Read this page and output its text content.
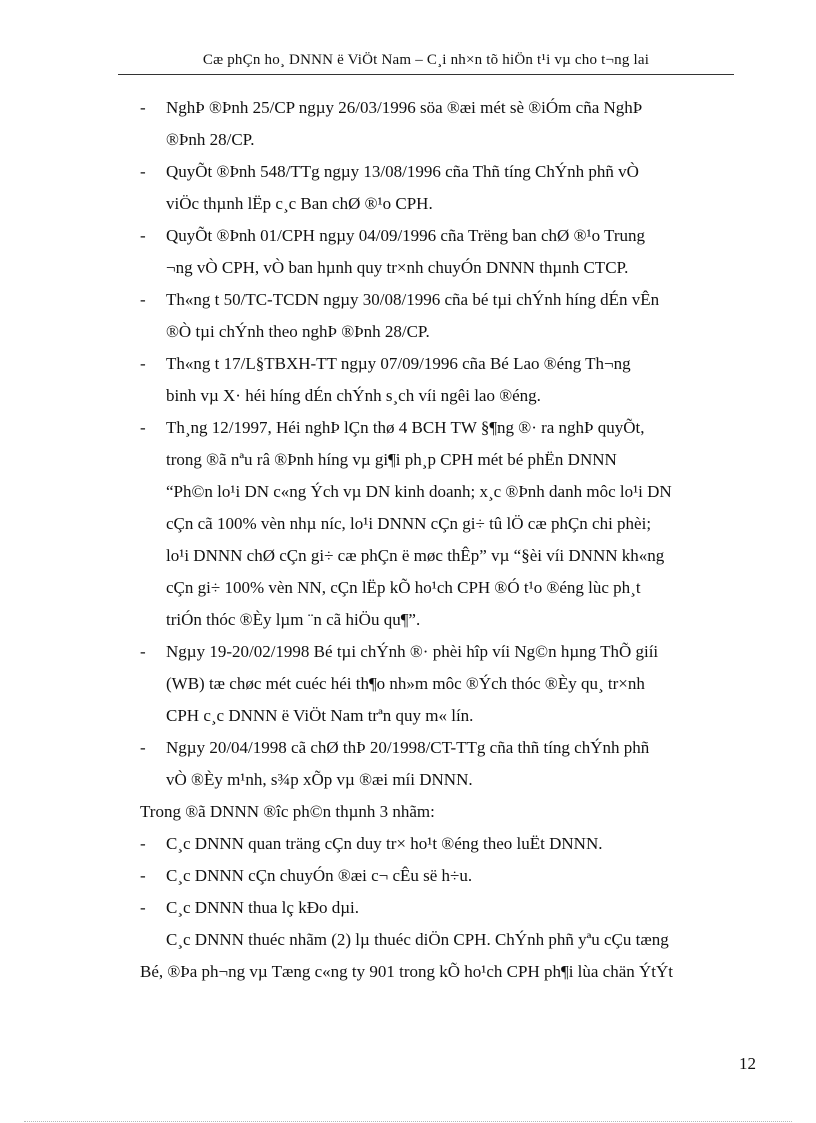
Cæ phÇn ho¸ DNNN ë ViÖt Nam – C¸i nh×n tõ hiÖn t¹i vµ cho t¬ng lai
- NghÞ ®Þnh 25/CP ngµy 26/03/1996 söa ®æi mét sè ®iÓm cña NghÞ
®Þnh 28/CP.
- QuyÕt ®Þnh 548/TTg ngµy 13/08/1996 cña Thñ tíng ChÝnh phñ vÒ
viÖc thµnh lËp c¸c Ban chØ ®¹o CPH.
- QuyÕt ®Þnh 01/CPH ngµy 04/09/1996 cña Trëng ban chØ ®¹o Trung
¬ng vÒ CPH, vÒ ban hµnh quy tr×nh chuyÓn DNNN thµnh CTCP.
- Th«ng t 50/TC-TCDN ngµy 30/08/1996 cña bé tµi chÝnh híng dÉn vÊn
®Ò tµi chÝnh theo nghÞ ®Þnh 28/CP.
- Th«ng t 17/L§TBXH-TT ngµy 07/09/1996 cña Bé Lao ®éng Th¬ng
binh vµ X· héi híng dÉn chÝnh s¸ch víi ngêi lao ®éng.
- Th¸ng 12/1997, Héi nghÞ lÇn thø 4 BCH TW §¶ng ®· ra nghÞ quyÕt,
trong ®ã nªu râ ®Þnh híng vµ gi¶i ph¸p CPH mét bé phËn DNNN
“Ph©n lo¹i DN c«ng Ých vµ DN kinh doanh; x¸c ®Þnh danh môc lo¹i DN
cÇn cã 100% vèn nhµ níc, lo¹i DNNN cÇn gi÷ tû lÖ cæ phÇn chi phèi;
lo¹i DNNN chØ cÇn gi÷ cæ phÇn ë møc thÊp” vµ “§èi víi DNNN kh«ng
cÇn gi÷ 100% vèn NN, cÇn lËp kÕ ho¹ch CPH ®Ó t¹o ®éng lùc ph¸t
triÓn thóc ®Èy lµm ¨n cã hiÖu qu¶”.
- Ngµy 19-20/02/1998 Bé tµi chÝnh ®· phèi hîp víi Ng©n hµng ThÕ giíi
(WB) tæ chøc mét cuéc héi th¶o nh»m môc ®Ých thóc ®Èy qu¸ tr×nh
CPH c¸c DNNN ë ViÖt Nam trªn quy m« lín.
- Ngµy 20/04/1998 cã chØ thÞ 20/1998/CT-TTg cña thñ tíng chÝnh phñ
vÒ ®Èy m¹nh, s¾p xÕp vµ ®æi míi DNNN.
Trong ®ã DNNN ®îc ph©n thµnh 3 nhãm:
- C¸c DNNN quan träng cÇn duy tr× ho¹t ®éng theo luËt DNNN.
- C¸c DNNN cÇn chuyÓn ®æi c¬ cÊu së h÷u.
- C¸c DNNN thua lç kÐo dµi.
C¸c DNNN thuéc nhãm (2) lµ thuéc diÖn CPH. ChÝnh phñ yªu cÇu tæng
Bé, ®Þa ph¬ng vµ Tæng c«ng ty 901 trong kÕ ho¹ch CPH ph¶i lùa chän ÝtÝt
12
